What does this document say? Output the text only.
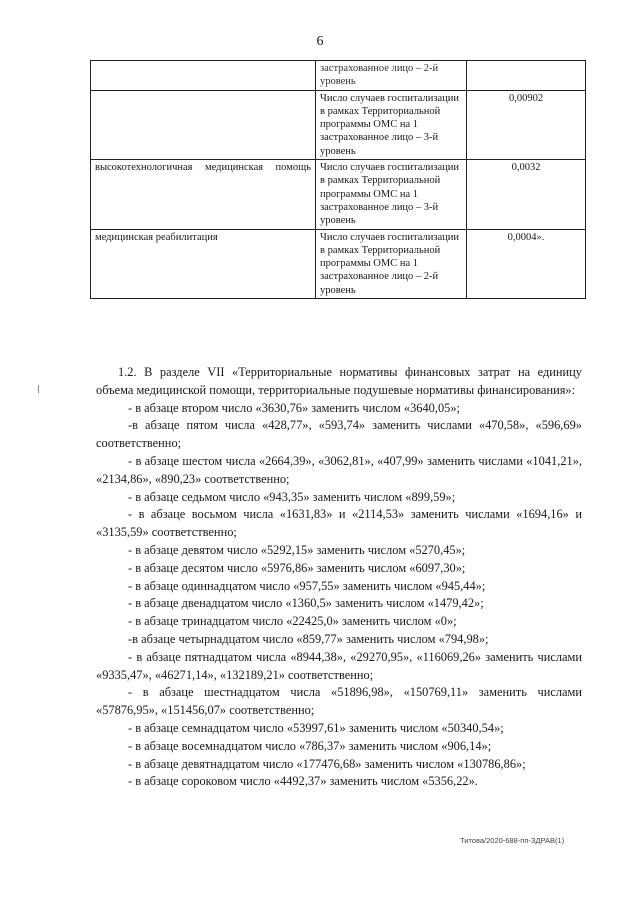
6
	застрахованное лицо – 2-й уровень	
	Число случаев госпитализации в рамках Территориальной программы ОМС на 1 застрахованное лицо – 3-й уровень	0,00902
высокотехнологичная медицинская помощь	Число случаев госпитализации в рамках Территориальной программы ОМС на 1 застрахованное лицо – 3-й уровень	0,0032
медицинская реабилитация	Число случаев госпитализации в рамках Территориальной программы ОМС на 1 застрахованное лицо – 2-й уровень	0,0004».

1.2. В разделе VII «Территориальные нормативы финансовых затрат на единицу объема медицинской помощи, территориальные подушевые нормативы финансирования»:

- в абзаце втором число «3630,76» заменить числом «3640,05»;

-в абзаце пятом числа «428,77», «593,74» заменить числами «470,58», «596,69» соответственно;

- в абзаце шестом числа «2664,39», «3062,81», «407,99» заменить числами «1041,21», «2134,86», «890,23» соответственно;

- в абзаце седьмом число «943,35» заменить числом «899,59»;

- в абзаце восьмом числа «1631,83» и «2114,53» заменить числами «1694,16» и «3135,59» соответственно;

- в абзаце девятом число «5292,15» заменить числом «5270,45»;

- в абзаце десятом число «5976,86» заменить числом «6097,30»;

- в абзаце одиннадцатом число «957,55» заменить числом «945,44»;

- в абзаце двенадцатом число «1360,5» заменить числом «1479,42»;

- в абзаце тринадцатом число «22425,0» заменить числом «0»;

-в абзаце четырнадцатом число «859,77» заменить числом «794,98»;

- в абзаце пятнадцатом числа «8944,38», «29270,95», «116069,26» заменить числами «9335,47», «46271,14», «132189,21» соответственно;

- в абзаце шестнадцатом числа «51896,98», «150769,11» заменить числами «57876,95», «151456,07» соответственно;

- в абзаце семнадцатом число «53997,61» заменить числом «50340,54»;

- в абзаце восемнадцатом число «786,37» заменить числом «906,14»;

- в абзаце девятнадцатом число «177476,68» заменить числом «130786,86»;

- в абзаце сороковом число «4492,37» заменить числом «5356,22».

Титова/2020-688-пп-ЗДРАВ(1)
